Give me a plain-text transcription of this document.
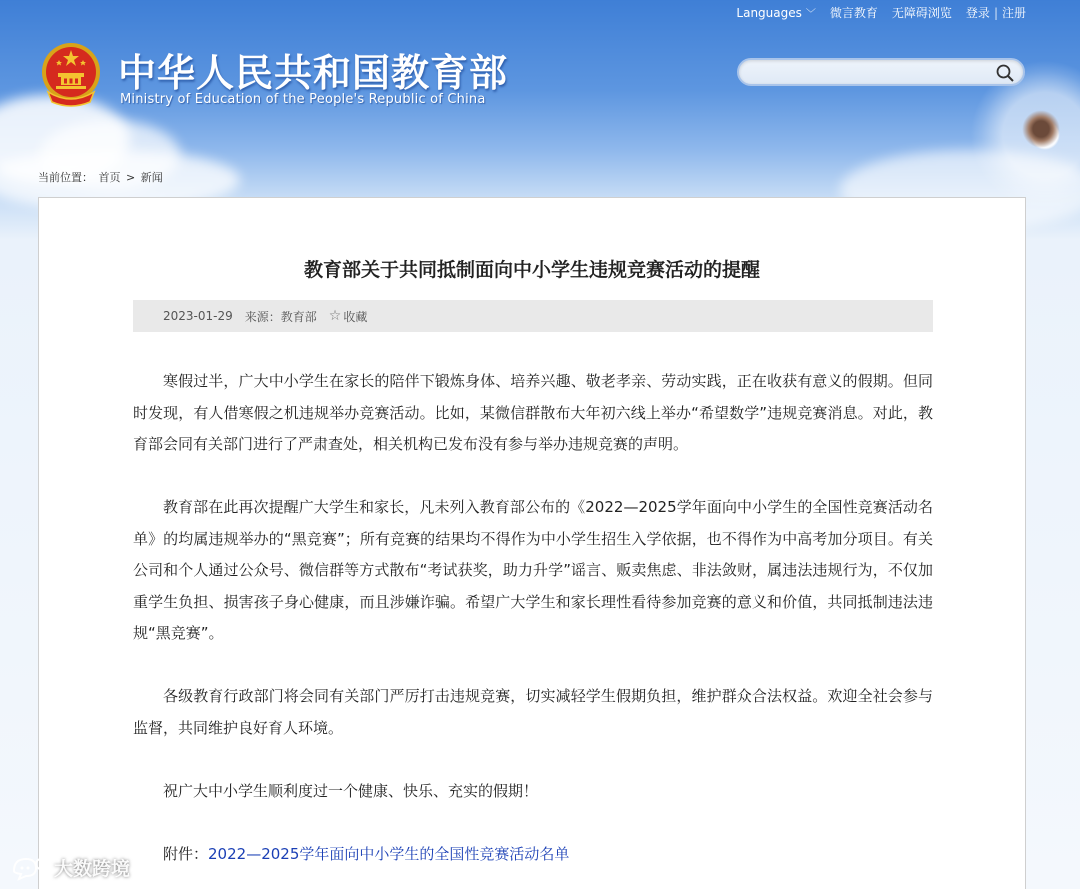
Languages ﹀ 微言教育 无障碍浏览 登录 | 注册
中华人民共和国教育部
Ministry of Education of the People's Republic of China
当前位置： 首页 > 新闻
教育部关于共同抵制面向中小学生违规竞赛活动的提醒
2023-01-29 来源：教育部 ☆ 收藏

寒假过半，广大中小学生在家长的陪伴下锻炼身体、培养兴趣、敬老孝亲、劳动实践，正在收获有意义的假期。但同时发现，有人借寒假之机违规举办竞赛活动。比如，某微信群散布大年初六线上举办“希望数学”违规竞赛消息。对此，教育部会同有关部门进行了严肃查处，相关机构已发布没有参与举办违规竞赛的声明。

教育部在此再次提醒广大学生和家长，凡未列入教育部公布的《2022—2025学年面向中小学生的全国性竞赛活动名单》的均属违规举办的“黑竞赛”；所有竞赛的结果均不得作为中小学生招生入学依据，也不得作为中高考加分项目。有关公司和个人通过公众号、微信群等方式散布“考试获奖，助力升学”谣言、贩卖焦虑、非法敛财，属违法违规行为，不仅加重学生负担、损害孩子身心健康，而且涉嫌诈骗。希望广大学生和家长理性看待参加竞赛的意义和价值，共同抵制违法违规“黑竞赛”。

各级教育行政部门将会同有关部门严厉打击违规竞赛，切实减轻学生假期负担，维护群众合法权益。欢迎全社会参与监督，共同维护良好育人环境。

祝广大中小学生顺利度过一个健康、快乐、充实的假期！

附件：2022—2025学年面向中小学生的全国性竞赛活动名单

大数跨境
